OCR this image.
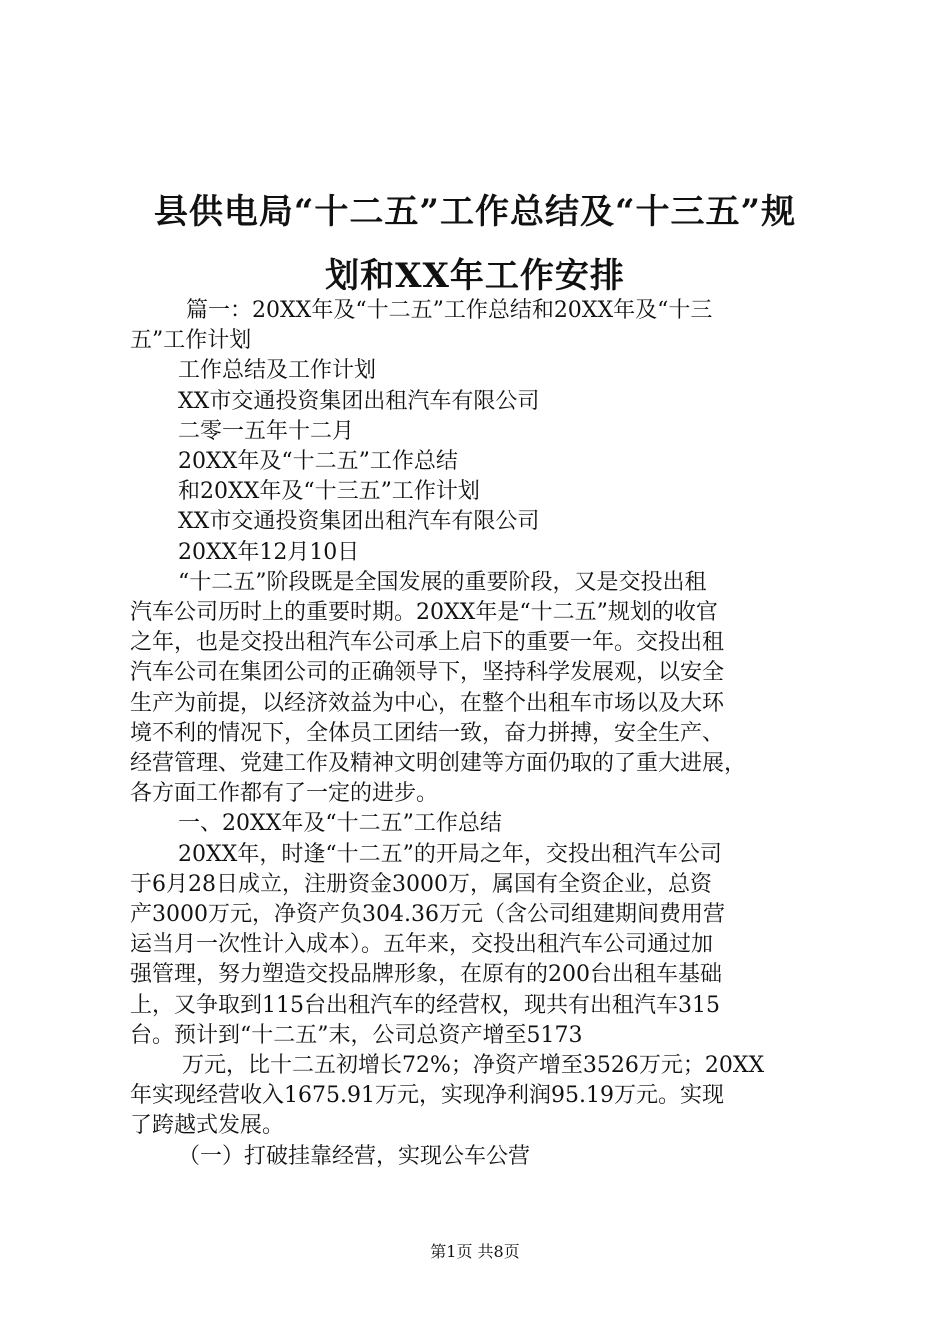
县供电局“十二五”工作总结及“十三五”规
划和XX年工作安排

篇一：20XX年及“十二五”工作总结和20XX年及“十三

五”工作计划

工作总结及工作计划

XX市交通投资集团出租汽车有限公司

二零一五年十二月

20XX年及“十二五”工作总结

和20XX年及“十三五”工作计划

XX市交通投资集团出租汽车有限公司

20XX年12月10日

“十二五”阶段既是全国发展的重要阶段，又是交投出租

汽车公司历时上的重要时期。20XX年是“十二五”规划的收官

之年，也是交投出租汽车公司承上启下的重要一年。交投出租

汽车公司在集团公司的正确领导下，坚持科学发展观，以安全

生产为前提，以经济效益为中心，在整个出租车市场以及大环

境不利的情况下，全体员工团结一致，奋力拼搏，安全生产、

经营管理、党建工作及精神文明创建等方面仍取的了重大进展，

各方面工作都有了一定的进步。

一、20XX年及“十二五”工作总结

20XX年，时逢“十二五”的开局之年，交投出租汽车公司

于6月28日成立，注册资金3000万，属国有全资企业，总资

产3000万元，净资产负304.36万元（含公司组建期间费用营

运当月一次性计入成本）。五年来，交投出租汽车公司通过加

强管理，努力塑造交投品牌形象，在原有的200台出租车基础

上，又争取到115台出租汽车的经营权，现共有出租汽车315

台。预计到“十二五”末，公司总资产增至5173

万元，比十二五初增长72%；净资产增至3526万元；20XX

年实现经营收入1675.91万元，实现净利润95.19万元。实现

了跨越式发展。

（一）打破挂靠经营，实现公车公营

第1页 共8页
